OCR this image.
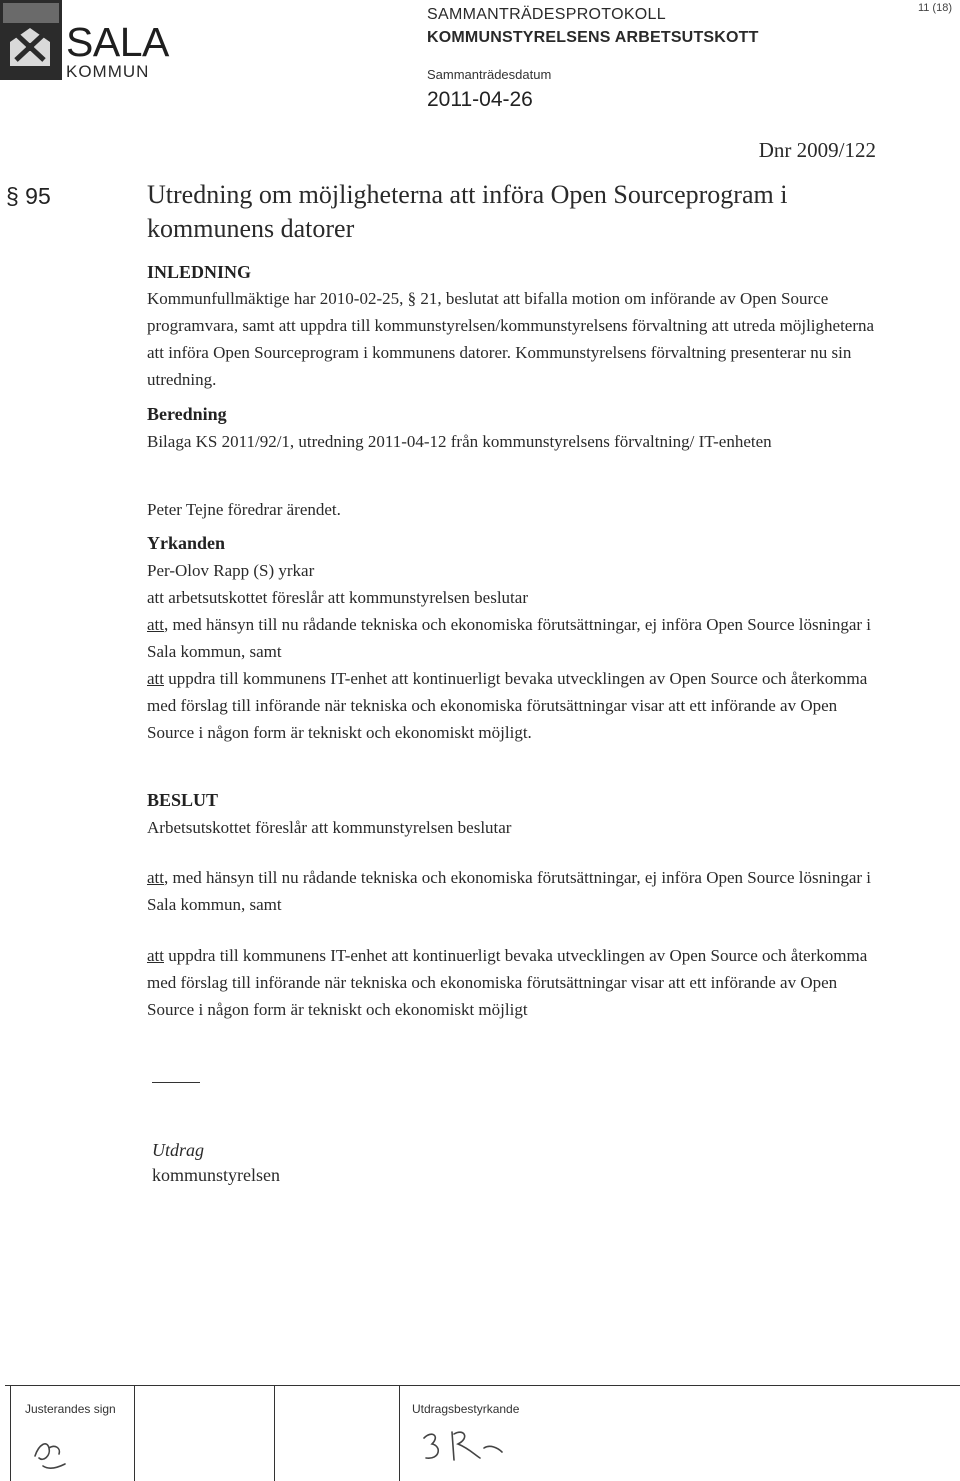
SALA
KOMMUN
SAMMANTRÄDESPROTOKOLL
KOMMUNSTYRELSENS ARBETSUTSKOTT
Sammanträdesdatum
2011-04-26
11 (18)
Dnr 2009/122
§ 95	Utredning om möjligheterna att införa Open Sourceprogram i kommunens datorer
INLEDNING
Kommunfullmäktige har 2010-02-25, § 21, beslutat att bifalla motion om införande av Open Source programvara, samt att uppdra till kommunstyrelsen/kommunstyrelsens förvaltning att utreda möjligheterna att införa Open Sourceprogram i kommunens datorer. Kommunstyrelsens förvaltning presenterar nu sin utredning.
Beredning
Bilaga KS 2011/92/1, utredning 2011-04-12 från kommunstyrelsens förvaltning/ IT-enheten
Peter Tejne föredrar ärendet.
Yrkanden

Per-Olov Rapp (S) yrkar

att arbetsutskottet föreslår att kommunstyrelsen beslutar

att, med hänsyn till nu rådande tekniska och ekonomiska förutsättningar, ej införa Open Source lösningar i Sala kommun, samt

att uppdra till kommunens IT-enhet att kontinuerligt bevaka utvecklingen av Open Source och återkomma med förslag till införande när tekniska och ekonomiska förutsättningar visar att ett införande av Open Source i någon form är tekniskt och ekonomiskt möjligt.

BESLUT
Arbetsutskottet föreslår att kommunstyrelsen beslutar
att, med hänsyn till nu rådande tekniska och ekonomiska förutsättningar, ej införa Open Source lösningar i Sala kommun, samt
att uppdra till kommunens IT-enhet att kontinuerligt bevaka utvecklingen av Open Source och återkomma med förslag till införande när tekniska och ekonomiska förutsättningar visar att ett införande av Open Source i någon form är tekniskt och ekonomiskt möjligt
Utdrag
kommunstyrelsen
Justerandes sign	Utdragsbestyrkande
